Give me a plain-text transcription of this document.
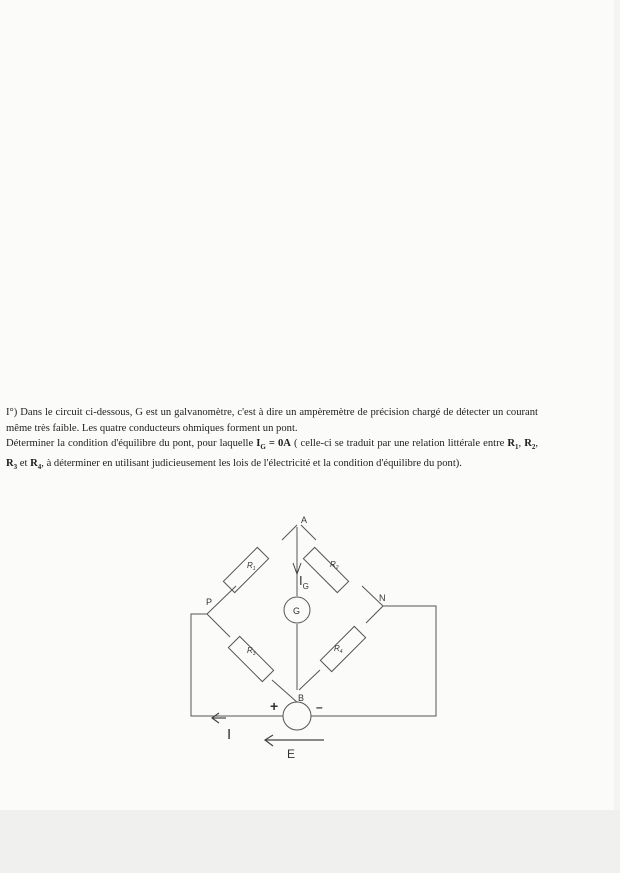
I°) Dans le circuit ci-dessous, G est un galvanomètre, c'est à dire un ampèremètre de précision chargé de détecter un courant même très faible. Les quatre conducteurs ohmiques forment un pont.
Déterminer la condition d'équilibre du pont, pour laquelle $I_G = 0A$ ( celle-ci se traduit par une relation littérale entre $R_1$, $R_2$, $R_3$ et $R_4$, à déterminer en utilisant judicieusement les lois de l'électricité et la condition d'équilibre du pont).

A
B
P	N
G
$R_1$	$R_2$
$R_3$
$R_4$
$I_G$
I
E
+	–
